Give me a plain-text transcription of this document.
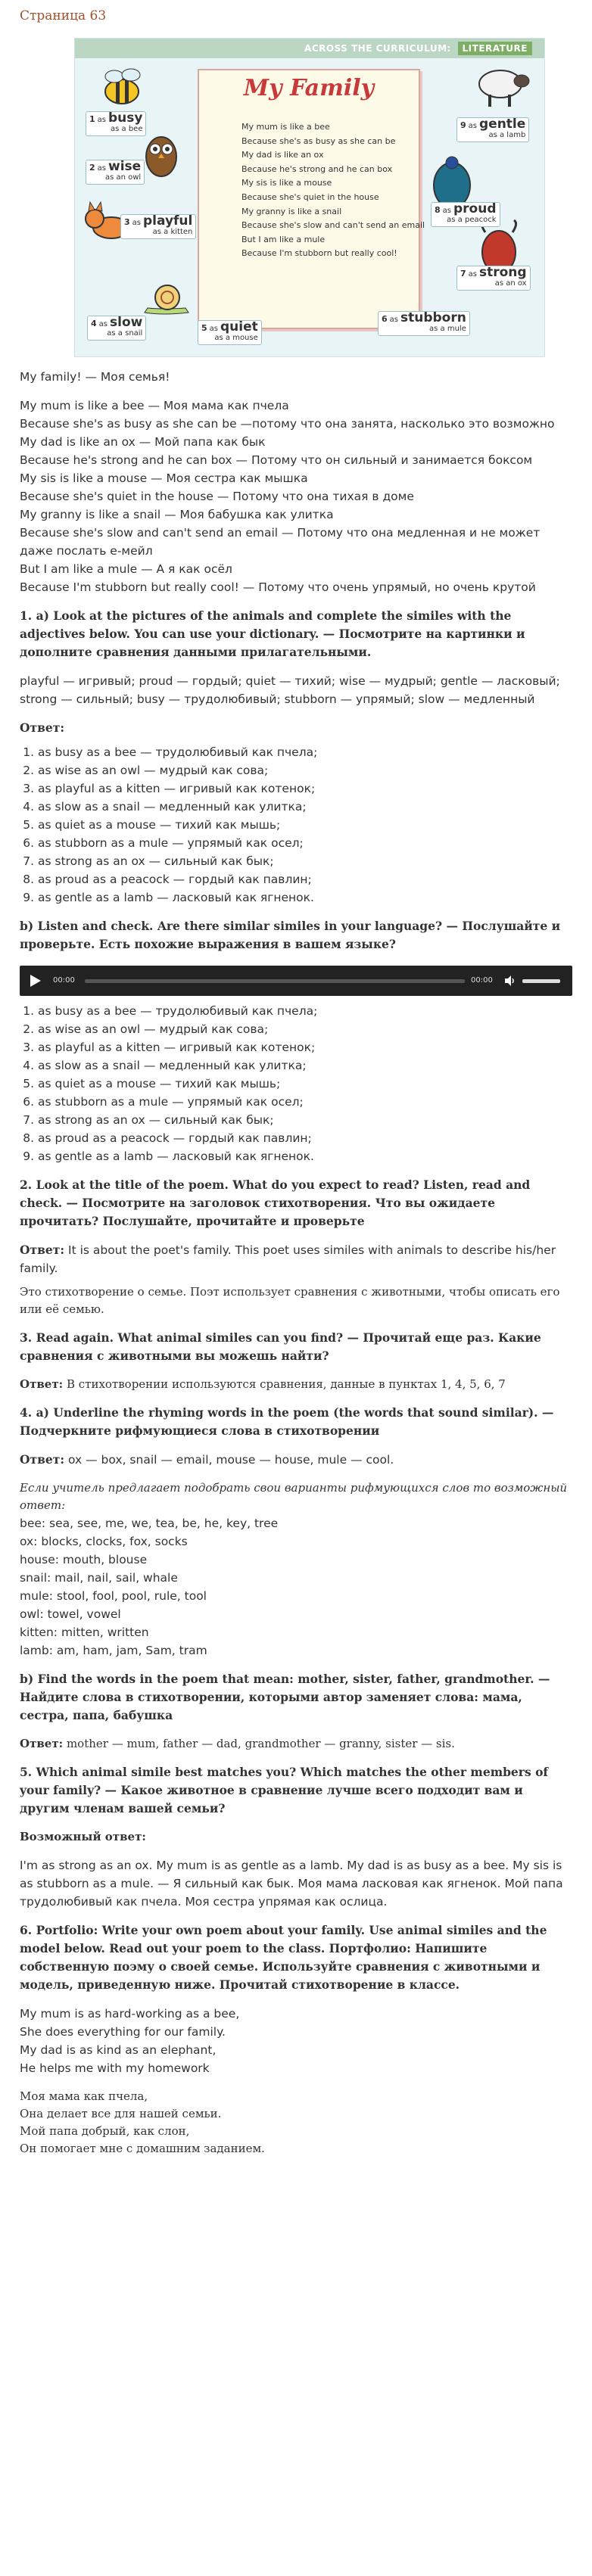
Страница 63
ACROSS THE CURRICULUM: LITERATURE
My Family
My mum is like a bee
Because she's as busy as she can be
My dad is like an ox
Because he's strong and he can box
My sis is like a mouse
Because she's quiet in the house
My granny is like a snail
Because she's slow and can't send an email
But I am like a mule
Because I'm stubborn but really cool!
1 as busy
as a bee
2 as wise
as an owl
3 as playful
as a kitten
4 as slow
as a snail
5 as quiet
as a mouse
6 as stubborn
as a mule
7 as strong
as an ox
8 as proud
as a peacock
9 as gentle
as a lamb

My family! — Моя семья!

My mum is like a bee — Моя мама как пчела

Because she's as busy as she can be —потому что она занята, насколько это возможно

My dad is like an ox — Мой папа как бык

Because he's strong and he can box — Потому что он сильный и занимается боксом

My sis is like a mouse — Моя сестра как мышка

Because she's quiet in the house — Потому что она тихая в доме

My granny is like a snail — Моя бабушка как улитка

Because she's slow and can't send an email — Потому что она медленная и не может даже послать е-мейл

But I am like a mule — А я как осёл

Because I'm stubborn but really cool! — Потому что очень упрямый, но очень крутой

1. a) Look at the pictures of the animals and complete the similes with the adjectives below. You can use your dictionary. — Посмотрите на картинки и дополните сравнения данными прилагательными.

playful — игривый; proud — гордый; quiet — тихий; wise — мудрый; gentle — ласковый; strong — сильный; busy — трудолюбивый; stubborn — упрямый; slow — медленный

Ответ:

1. as busy as a bee — трудолюбивый как пчела;
2. as wise as an owl — мудрый как сова;
3. as playful as a kitten — игривый как котенок;
4. as slow as a snail — медленный как улитка;
5. as quiet as a mouse — тихий как мышь;
6. as stubborn as a mule — упрямый как осел;
7. as strong as an ox — сильный как бык;
8. as proud as a peacock — гордый как павлин;
9. as gentle as a lamb — ласковый как ягненок.

b) Listen and check. Are there similar similes in your language? — Послушайте и проверьте. Есть похожие выражения в вашем языке?

00:00	00:00
1. as busy as a bee — трудолюбивый как пчела;
2. as wise as an owl — мудрый как сова;
3. as playful as a kitten — игривый как котенок;
4. as slow as a snail — медленный как улитка;
5. as quiet as a mouse — тихий как мышь;
6. as stubborn as a mule — упрямый как осел;
7. as strong as an ox — сильный как бык;
8. as proud as a peacock — гордый как павлин;
9. as gentle as a lamb — ласковый как ягненок.

2. Look at the title of the poem. What do you expect to read? Listen, read and check. — Посмотрите на заголовок стихотворения. Что вы ожидаете прочитать? Послушайте, прочитайте и проверьте

Ответ: It is about the poet's family. This poet uses similes with animals to describe his/her family.

Это стихотворение о семье. Поэт использует сравнения с животными, чтобы описать его или её семью.

3. Read again. What animal similes can you find? — Прочитай еще раз. Какие сравнения с животными вы можешь найти?

Ответ: В стихотворении используются сравнения, данные в пунктах 1, 4, 5, 6, 7

4. a) Underline the rhyming words in the poem (the words that sound similar). — Подчеркните рифмующиеся слова в стихотворении

Ответ: ox — box, snail — email, mouse — house, mule — cool.

Если учитель предлагает подобрать свои варианты рифмующихся слов то возможный ответ:

bee: sea, see, me, we, tea, be, he, key, tree

ox: blocks, clocks, fox, socks

house: mouth, blouse

snail: mail, nail, sail, whale

mule: stool, fool, pool, rule, tool

owl: towel, vowel

kitten: mitten, written

lamb: am, ham, jam, Sam, tram

b) Find the words in the poem that mean: mother, sister, father, grandmother. — Найдите слова в стихотворении, которыми автор заменяет слова: мама, сестра, папа, бабушка

Ответ: mother — mum, father — dad, grandmother — granny, sister — sis.

5. Which animal simile best matches you? Which matches the other members of your family? — Какое животное в сравнение лучше всего подходит вам и другим членам вашей семьи?

Возможный ответ:

I'm as strong as an ox. My mum is as gentle as a lamb. My dad is as busy as a bee. My sis is as stubborn as a mule. — Я сильный как бык. Моя мама ласковая как ягненок. Мой папа трудолюбивый как пчела. Моя сестра упрямая как ослица.

6. Portfolio: Write your own poem about your family. Use animal similes and the model below. Read out your poem to the class. Портфолио: Напишите собственную поэму о своей семье. Используйте сравнения с животными и модель, приведенную ниже. Прочитай стихотворение в классе.

My mum is as hard-working as a bee,

She does everything for our family.

My dad is as kind as an elephant,

He helps me with my homework

Моя мама как пчела,

Она делает все для нашей семьи.

Мой папа добрый, как слон,

Он помогает мне с домашним заданием.
